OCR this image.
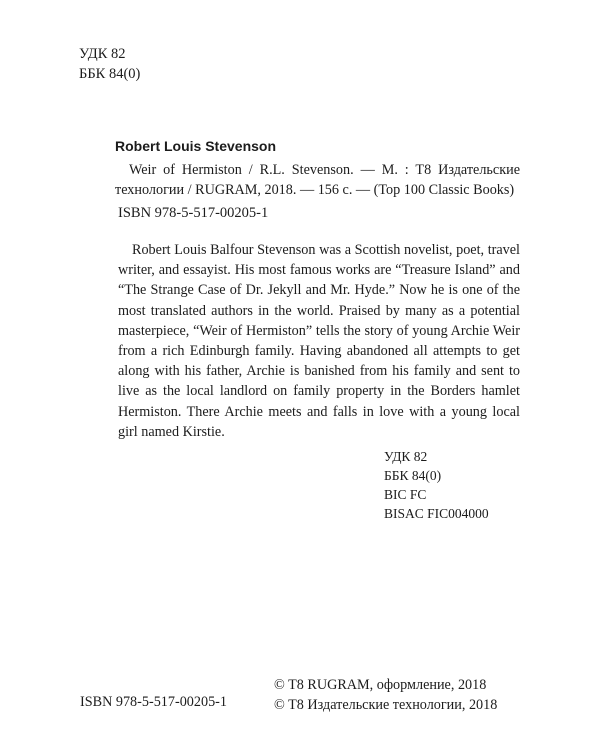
УДК 82
ББК 84(0)
Robert Louis Stevenson
Weir of Hermiston / R.L. Stevenson. — M. : T8 Издательские технологии / RUGRAM, 2018. — 156 c. — (Top 100 Classic Books)
ISBN 978-5-517-00205-1
Robert Louis Balfour Stevenson was a Scottish novelist, poet, travel writer, and essayist. His most famous works are “Treasure Island” and “The Strange Case of Dr. Jekyll and Mr. Hyde.” Now he is one of the most translated authors in the world. Praised by many as a potential masterpiece, “Weir of Hermiston” tells the story of young Archie Weir from a rich Edinburgh family. Having abandoned all attempts to get along with his father, Archie is banished from his family and sent to live as the local landlord on family property in the Borders hamlet Hermiston. There Archie meets and falls in love with a young local girl named Kirstie.
УДК 82
ББК 84(0)
BIC FC
BISAC FIC004000
© T8 RUGRAM, оформление, 2018
© T8 Издательские технологии, 2018
ISBN 978-5-517-00205-1
